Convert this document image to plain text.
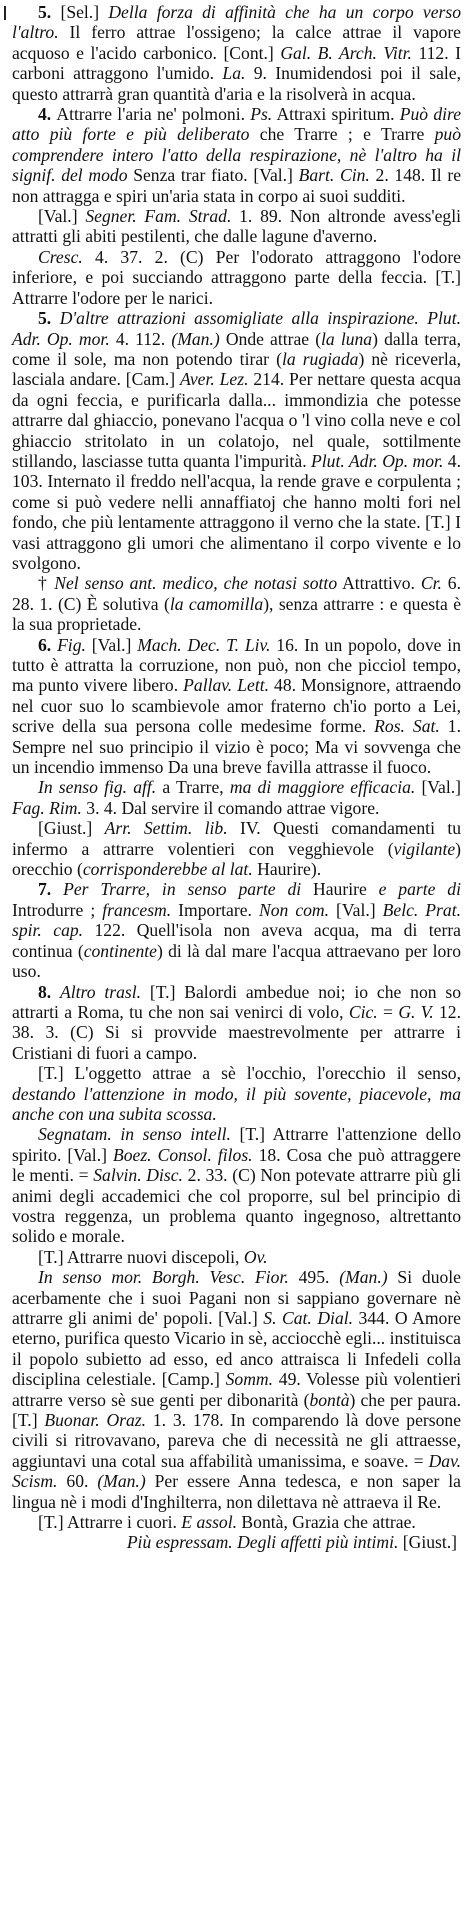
5. [Sel.] Della forza di affinità che ha un corpo verso l'altro. Il ferro attrae l'ossigeno; la calce attrae il vapore acquoso e l'acido carbonico. [Cont.] Gal. B. Arch. Vitr. 112. I carboni attraggono l'umido. La. 9. Inumidendosi poi il sale, questo attrarrà gran quantità d'aria e la risolverà in acqua.

4. Attrarre l'aria ne' polmoni. Ps. Attraxi spiritum. Può dire atto più forte e più deliberato che Trarre ; e Trarre può comprendere intero l'atto della respirazione, nè l'altro ha il signif. del modo Senza trar fiato. [Val.] Bart. Cin. 2. 148. Il re non attragga e spiri un'aria stata in corpo ai suoi sudditi.

[Val.] Segner. Fam. Strad. 1. 89. Non altronde avess'egli attratti gli abiti pestilenti, che dalle lagune d'averno.

Cresc. 4. 37. 2. (C) Per l'odorato attraggono l'odore inferiore, e poi succiando attraggono parte della feccia. [T.] Attrarre l'odore per le narici.

5. D'altre attrazioni assomigliate alla inspirazione. Plut. Adr. Op. mor. 4. 112. (Man.) Onde attrae (la luna) dalla terra, come il sole, ma non potendo tirar (la rugiada) nè riceverla, lasciala andare. [Cam.] Aver. Lez. 214. Per nettare questa acqua da ogni feccia, e purificarla dalla... immondizia che potesse attrarre dal ghiaccio, ponevano l'acqua o 'l vino colla neve e col ghiaccio stritolato in un colatojo, nel quale, sottilmente stillando, lasciasse tutta quanta l'impurità. Plut. Adr. Op. mor. 4. 103. Internato il freddo nell'acqua, la rende grave e corpulenta ; come si può vedere nelli annaffiatoj che hanno molti fori nel fondo, che più lentamente attraggono il verno che la state. [T.] I vasi attraggono gli umori che alimentano il corpo vivente e lo svolgono.

† Nel senso ant. medico, che notasi sotto Attrattivo. Cr. 6. 28. 1. (C) È solutiva (la camomilla), senza attrarre : e questa è la sua proprietade.

6. Fig. [Val.] Mach. Dec. T. Liv. 16. In un popolo, dove in tutto è attratta la corruzione, non può, non che picciol tempo, ma punto vivere libero. Pallav. Lett. 48. Monsignore, attraendo nel cuor suo lo scambievole amor fraterno ch'io porto a Lei, scrive della sua persona colle medesime forme. Ros. Sat. 1. Sempre nel suo principio il vizio è poco; Ma vi sovvenga che un incendio immenso Da una breve favilla attrasse il fuoco.

In senso fig. aff. a Trarre, ma di maggiore efficacia. [Val.] Fag. Rim. 3. 4. Dal servire il comando attrae vigore.

[Giust.] Arr. Settim. lib. IV. Questi comandamenti tu infermo a attrarre volentieri con vegghievole (vigilante) orecchio (corrisponderebbe al lat. Haurire).

7. Per Trarre, in senso parte di Haurire e parte di Introdurre ; francesm. Importare. Non com. [Val.] Belc. Prat. spir. cap. 122. Quell'isola non aveva acqua, ma di terra continua (continente) di là dal mare l'acqua attraevano per loro uso.

8. Altro trasl. [T.] Balordi ambedue noi; io che non so attrarti a Roma, tu che non sai venirci di volo, Cic. = G. V. 12. 38. 3. (C) Si si provvide maestrevolmente per attrarre i Cristiani di fuori a campo.

[T.] L'oggetto attrae a sè l'occhio, l'orecchio il senso, destando l'attenzione in modo, il più sovente, piacevole, ma anche con una subita scossa.

Segnatam. in senso intell. [T.] Attrarre l'attenzione dello spirito. [Val.] Boez. Consol. filos. 18. Cosa che può attraggere le menti. = Salvin. Disc. 2. 33. (C) Non potevate attrarre più gli animi degli accademici che col proporre, sul bel principio di vostra reggenza, un problema quanto ingegnoso, altrettanto solido e morale.

[T.] Attrarre nuovi discepoli, Ov.

In senso mor. Borgh. Vesc. Fior. 495. (Man.) Si duole acerbamente che i suoi Pagani non si sappiano governare nè attrarre gli animi de' popoli. [Val.] S. Cat. Dial. 344. O Amore eterno, purifica questo Vicario in sè, acciocchè egli... instituisca il popolo subietto ad esso, ed anco attraisca li Infedeli colla disciplina celestiale. [Camp.] Somm. 49. Volesse più volentieri attrarre verso sè sue genti per dibonarità (bontà) che per paura. [T.] Buonar. Oraz. 1. 3. 178. In comparendo là dove persone civili si ritrovavano, pareva che di necessità ne gli attraesse, aggiuntavi una cotal sua affabilità umanissima, e soave. = Dav. Scism. 60. (Man.) Per essere Anna tedesca, e non saper la lingua nè i modi d'Inghilterra, non dilettava nè attraeva il Re.

[T.] Attrarre i cuori. E assol. Bontà, Grazia che attrae.

Più espressam. Degli affetti più intimi. [Giust.]
